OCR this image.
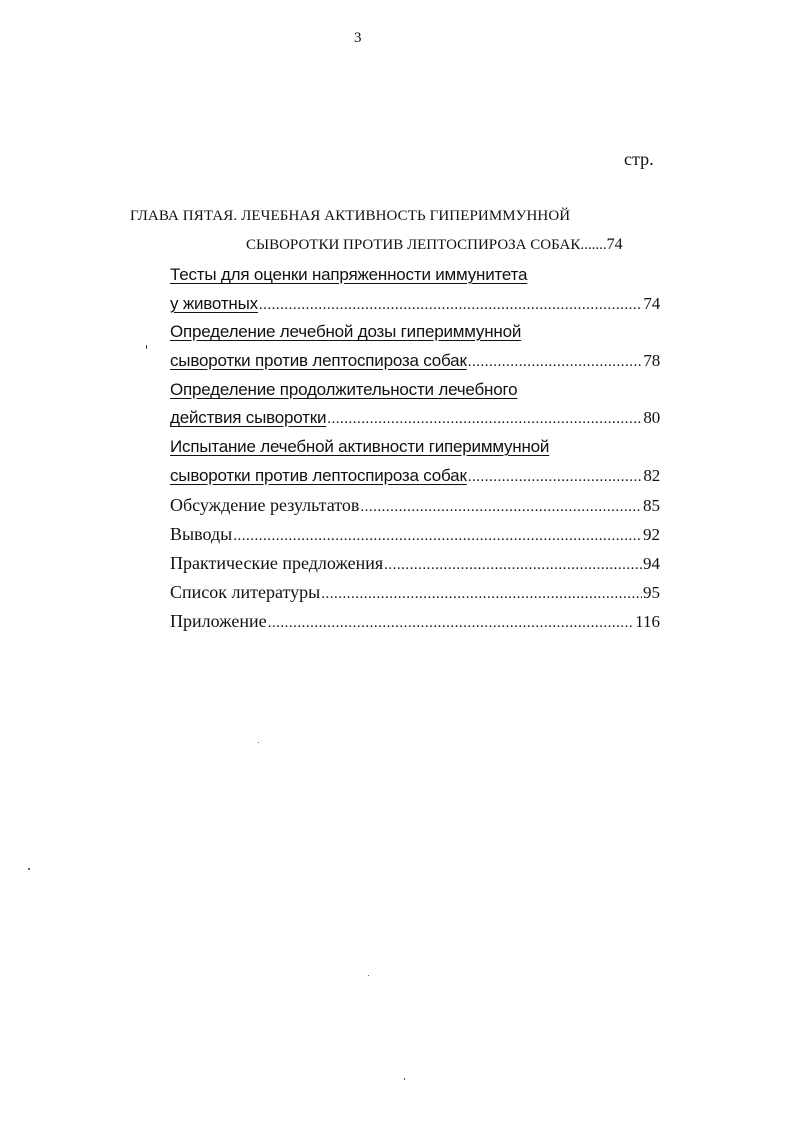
3
стр.
ГЛАВА ПЯТАЯ. ЛЕЧЕБНАЯ АКТИВНОСТЬ ГИПЕРИММУННОЙ
СЫВОРОТКИ ПРОТИВ ЛЕПТОСПИРОЗА СОБАК.......74
Тесты для оценки напряженности иммунитета
у животных .....	74
Определение лечебной дозы гипериммунной
сыворотки против лептоспироза собак .....	78
Определение продолжительности лечебного
действия сыворотки .....	80
Испытание лечебной активности гипериммунной
сыворотки против лептоспироза собак .....	82
Обсуждение результатов .....	85
Выводы .....	92
Практические предложения .....	94
Список литературы .....	95
Приложение .....	116
